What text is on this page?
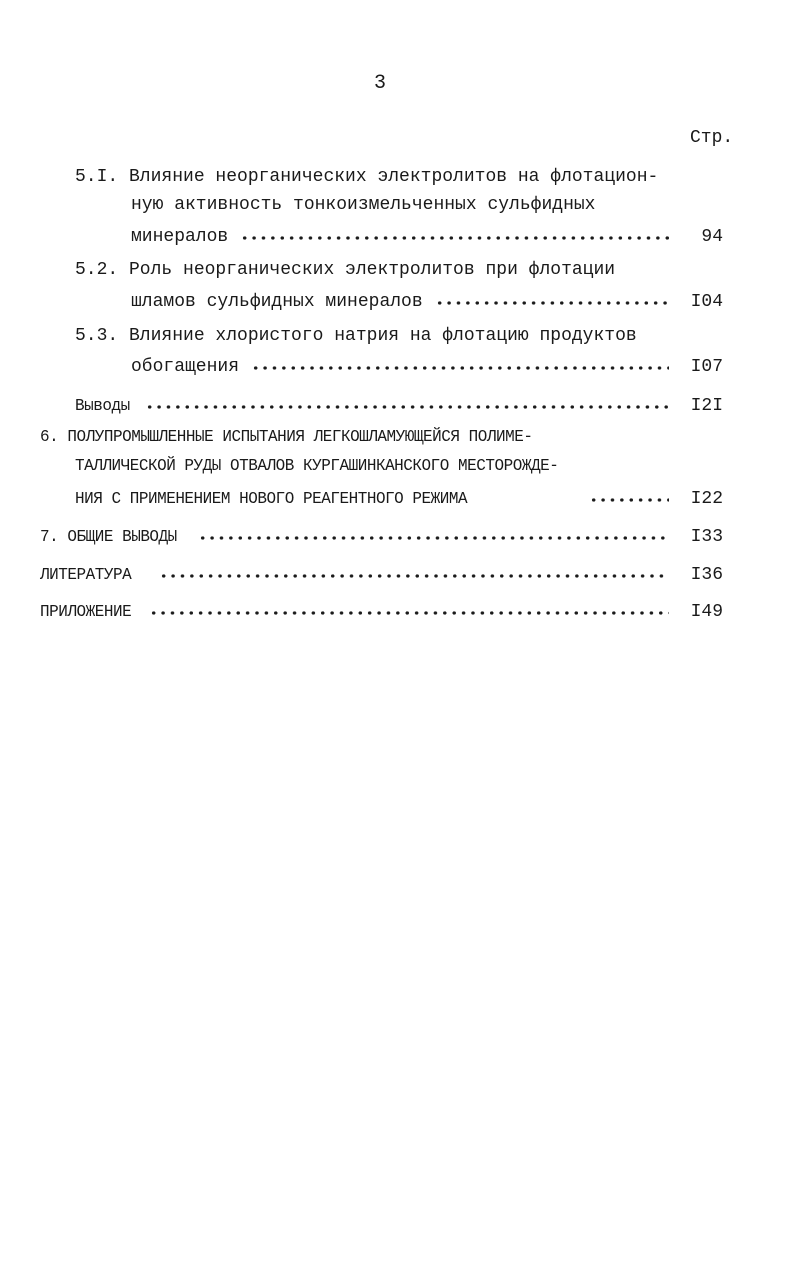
3
Стр.
5.I. Влияние неорганических электролитов на флотацион-
ную активность тонкоизмельченных сульфидных
минералов	94
5.2. Роль неорганических электролитов при флотации
шламов сульфидных минералов	I04
5.3. Влияние хлористого натрия на флотацию продуктов
обогащения	I07
Выводы	I2I
6. ПОЛУПРОМЫШЛЕННЫЕ ИСПЫТАНИЯ ЛЕГКОШЛАМУЮЩЕЙСЯ ПОЛИМЕ-
ТАЛЛИЧЕСКОЙ РУДЫ ОТВАЛОВ КУРГАШИНКАНСКОГО МЕСТОРОЖДЕ-
НИЯ С ПРИМЕНЕНИЕМ НОВОГО РЕАГЕНТНОГО РЕЖИМА	I22
7. ОБЩИЕ ВЫВОДЫ	I33
ЛИТЕРАТУРА	I36
ПРИЛОЖЕНИЕ	I49
